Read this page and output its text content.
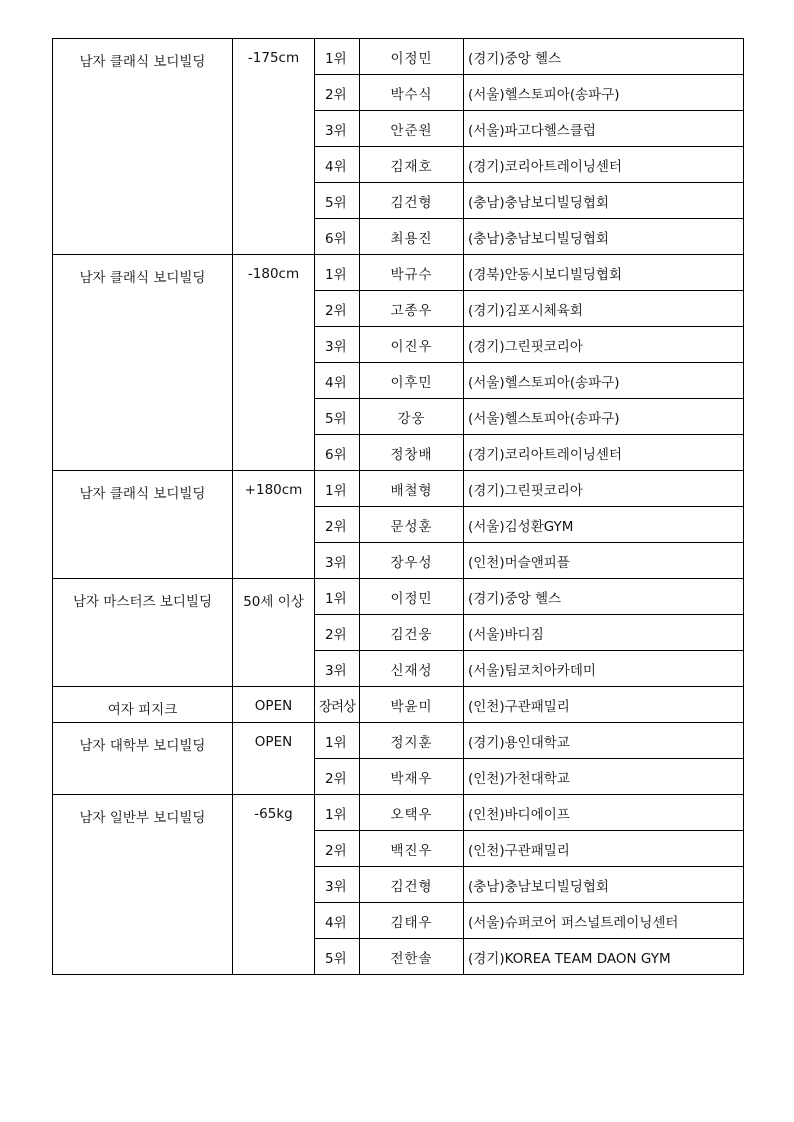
남자 클래식 보디빌딩	-175cm	1위	이정민	(경기)중앙 헬스
		2위	박수식	(서울)헬스토피아(송파구)
		3위	안준원	(서울)파고다헬스클럽
		4위	김재호	(경기)코리아트레이닝센터
		5위	김건형	(충남)충남보디빌딩협회
		6위	최용진	(충남)충남보디빌딩협회
남자 클래식 보디빌딩	-180cm	1위	박규수	(경북)안동시보디빌딩협회
		2위	고종우	(경기)김포시체육회
		3위	이진우	(경기)그린핏코리아
		4위	이후민	(서울)헬스토피아(송파구)
		5위	강웅	(서울)헬스토피아(송파구)
		6위	정창배	(경기)코리아트레이닝센터
남자 클래식 보디빌딩	+180cm	1위	배철형	(경기)그린핏코리아
		2위	문성훈	(서울)김성환GYM
		3위	장우성	(인천)머슬앤피플
남자 마스터즈 보디빌딩	50세 이상	1위	이정민	(경기)중앙 헬스
		2위	김건웅	(서울)바디짐
		3위	신재성	(서울)팀코치아카데미
여자 피지크	OPEN	장려상	박윤미	(인천)구관패밀리
남자 대학부 보디빌딩	OPEN	1위	정지훈	(경기)용인대학교
		2위	박재우	(인천)가천대학교
남자 일반부 보디빌딩	-65kg	1위	오택우	(인천)바디에이프
		2위	백진우	(인천)구관패밀리
		3위	김건형	(충남)충남보디빌딩협회
		4위	김태우	(서울)슈퍼코어 퍼스널트레이닝센터
		5위	전한솔	(경기)KOREA TEAM DAON GYM
